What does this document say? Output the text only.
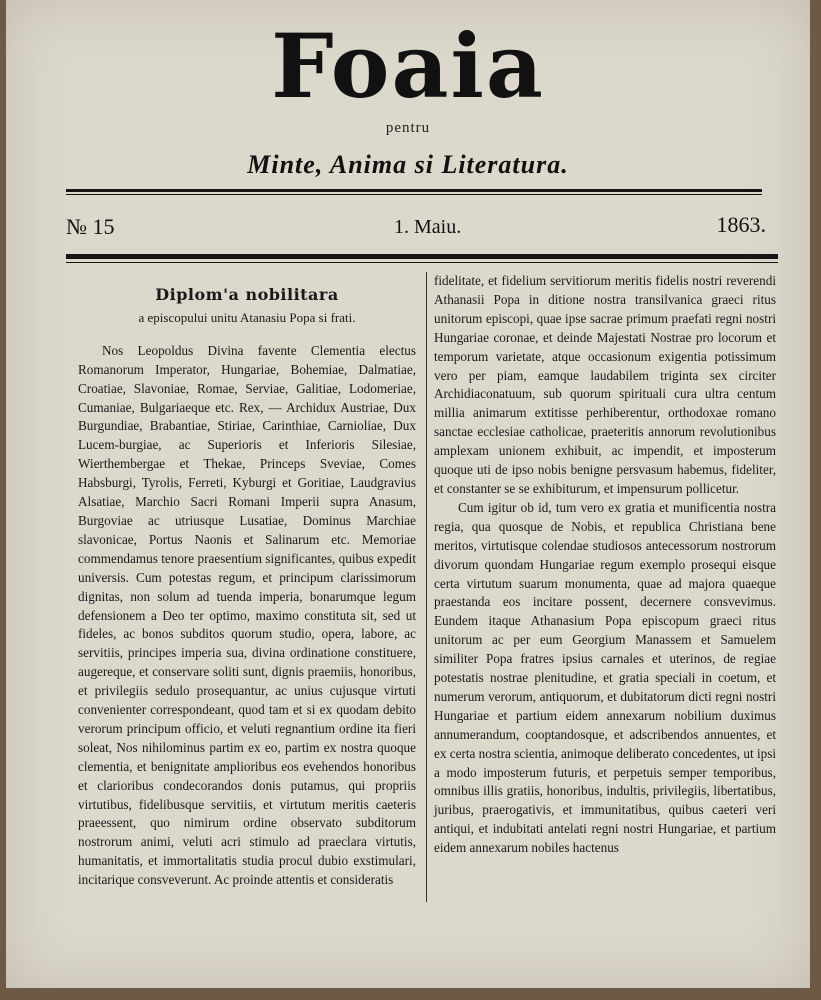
Foaia
pentru
Minte, Anima si Literatura.
№ 15	1. Maiu.	1863.
Diplom'a nobilitara
a episcopului unitu Atanasiu Popa si frati.

Nos Leopoldus Divina favente Clementia electus Romanorum Imperator, Hungariae, Bohemiae, Dalmatiae, Croatiae, Slavoniae, Romae, Serviae, Galitiae, Lodomeriae, Cumaniae, Bulgariaeque etc. Rex, — Archidux Austriae, Dux Burgundiae, Brabantiae, Stiriae, Carinthiae, Carnioliae, Dux Lucem-burgiae, ac Superioris et Inferioris Silesiae, Wierthembergae et Thekae, Princeps Sveviae, Comes Habsburgi, Tyrolis, Ferreti, Kyburgi et Goritiae, Laudgravius Alsatiae, Marchio Sacri Romani Imperii supra Anasum, Burgoviae ac utriusque Lusatiae, Dominus Marchiae slavonicae, Portus Naonis et Salinarum etc. Memoriae commendamus tenore praesentium significantes, quibus expedit universis. Cum potestas regum, et principum clarissimorum dignitas, non solum ad tuenda imperia, bonarumque legum defensionem a Deo ter optimo, maximo constituta sit, sed ut fideles, ac bonos subditos quorum studio, opera, labore, ac servitiis, principes imperia sua, divina ordinatione constituere, augereque, et conservare soliti sunt, dignis praemiis, honoribus, et privilegiis sedulo prosequantur, ac unius cujusque virtuti convenienter correspondeant, quod tam et si ex quodam debito verorum principum officio, et veluti regnantium ordine ita fieri soleat, Nos nihilominus partim ex eo, partim ex nostra quoque clementia, et benignitate amplioribus eos evehendos honoribus et clarioribus condecorandos donis putamus, qui propriis virtutibus, fidelibusque servitiis, et virtutum meritis caeteris praeessent, quo nimirum ordine observato subditorum nostrorum animi, veluti acri stimulo ad praeclara virtutis, humanitatis, et immortalitatis studia procul dubio exstimulari, incitarique consveverunt. Ac proinde attentis et consideratis

fidelitate, et fidelium servitiorum meritis fidelis nostri reverendi Athanasii Popa in ditione nostra transilvanica graeci ritus unitorum episcopi, quae ipse sacrae primum praefati regni nostri Hungariae coronae, et deinde Majestati Nostrae pro locorum et temporum varietate, atque occasionum exigentia potissimum vero per piam, eamque laudabilem triginta sex circiter Archidiaconatuum, sub quorum spirituali cura ultra centum millia animarum extitisse perhiberentur, orthodoxae romano sanctae ecclesiae catholicae, praeteritis annorum revolutionibus amplexam unionem exhibuit, ac impendit, et imposterum quoque uti de ipso nobis benigne persvasum habemus, fideliter, et constanter se se exhibiturum, et impensurum pollicetur.

Cum igitur ob id, tum vero ex gratia et munificentia nostra regia, qua quosque de Nobis, et republica Christiana bene meritos, virtutisque colendae studiosos antecessorum nostrorum divorum quondam Hungariae regum exemplo prosequi eisque certa virtutum suarum monumenta, quae ad majora quaeque praestanda eos incitare possent, decernere consvevimus. Eundem itaque Athanasium Popa episcopum graeci ritus unitorum ac per eum Georgium Manassem et Samuelem similiter Popa fratres ipsius carnales et uterinos, de regiae potestatis nostrae plenitudine, et gratia speciali in coetum, et numerum verorum, antiquorum, et dubitatorum dicti regni nostri Hungariae et partium eidem annexarum nobilium duximus annumerandum, cooptandosque, et adscribendos annuentes, et ex certa nostra scientia, animoque deliberato concedentes, ut ipsi a modo imposterum futuris, et perpetuis semper temporibus, omnibus illis gratiis, honoribus, indultis, privilegiis, libertatibus, juribus, praerogativis, et immunitatibus, quibus caeteri veri antiqui, et indubitati antelati regni nostri Hungariae, et partium eidem annexarum nobiles hactenus
